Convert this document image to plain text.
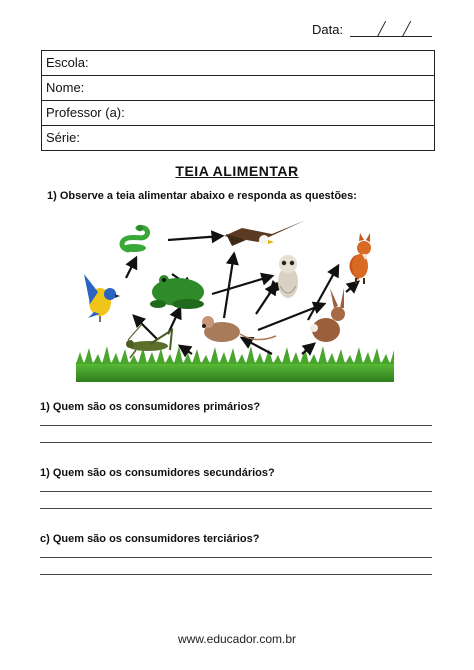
Data:
Escola:
Nome:
Professor (a):
Série:
TEIA ALIMENTAR
1) Observe a teia alimentar abaixo e responda as questões:
1) Quem são os consumidores primários?
1) Quem são os consumidores secundários?
c) Quem são os consumidores terciários?
www.educador.com.br
